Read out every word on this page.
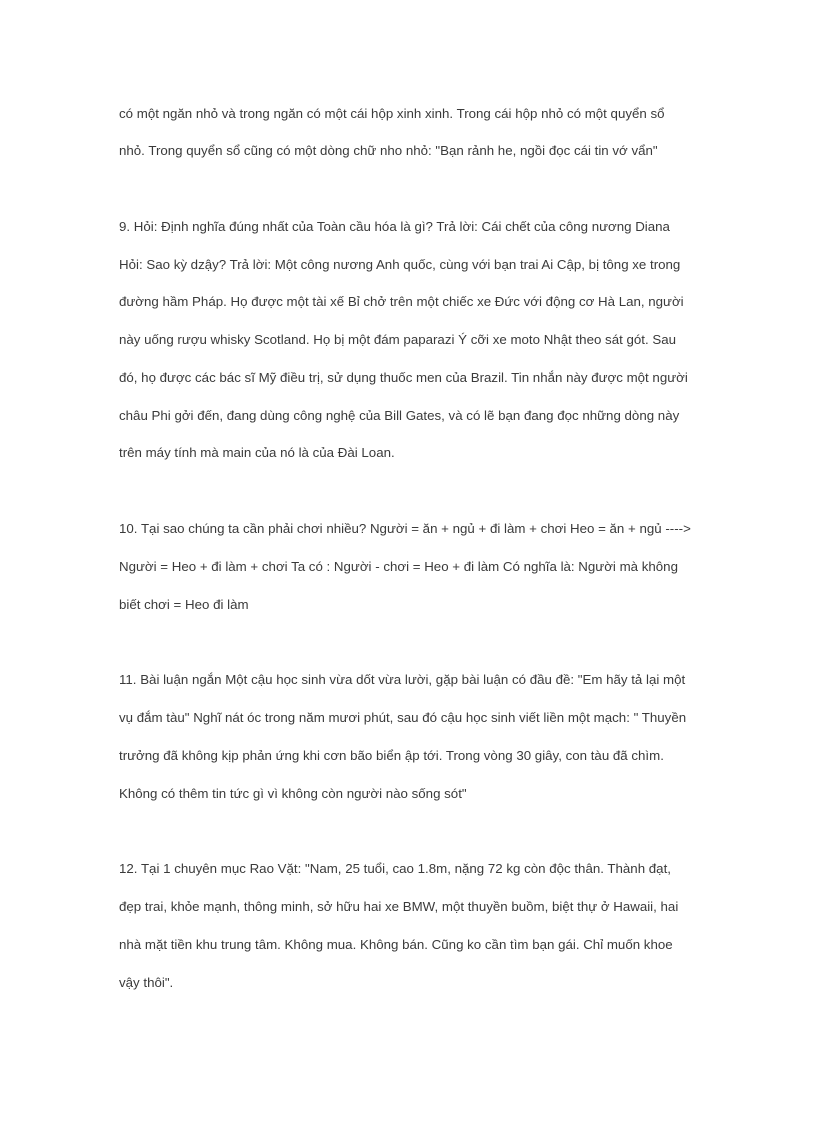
có một ngăn nhỏ và trong ngăn có một cái hộp xinh xinh. Trong cái hộp nhỏ có một quyển sổ
nhỏ. Trong quyển sổ cũng có một dòng chữ nho nhỏ: "Bạn rảnh he, ngồi đọc cái tin vớ vẩn"
9. Hỏi: Định nghĩa đúng nhất của Toàn cầu hóa là gì? Trả lời: Cái chết của công nương Diana
Hỏi: Sao kỳ dzậy? Trả lời: Một công nương Anh quốc, cùng với bạn trai Ai Cập, bị tông xe trong
đường hầm Pháp. Họ được một tài xế Bỉ chở trên một chiếc xe Đức với động cơ Hà Lan, người
này uống rượu whisky Scotland. Họ bị một đám paparazi Ý cỡi xe moto Nhật theo sát gót. Sau
đó, họ được các bác sĩ Mỹ điều trị, sử dụng thuốc men của Brazil. Tin nhắn này được một người
châu Phi gởi đến, đang dùng công nghệ của Bill Gates, và có lẽ bạn đang đọc những dòng này
trên máy tính mà main của nó là của Đài Loan.
10. Tại sao chúng ta cần phải chơi nhiều? Người = ăn + ngủ + đi làm + chơi Heo = ăn + ngủ ---->
Người = Heo + đi làm + chơi Ta có : Người - chơi = Heo + đi làm Có nghĩa là: Người mà không
biết chơi = Heo đi làm
11. Bài luận ngắn Một cậu học sinh vừa dốt vừa lười, gặp bài luận có đầu đề: "Em hãy tả lại một
vụ đắm tàu" Nghĩ nát óc trong năm mươi phút, sau đó cậu học sinh viết liền một mạch: " Thuyền
trưởng đã không kịp phản ứng khi cơn bão biển ập tới. Trong vòng 30 giây, con tàu đã chìm.
Không có thêm tin tức gì vì không còn người nào sống sót"
12. Tại 1 chuyên mục Rao Vặt: "Nam, 25 tuổi, cao 1.8m, nặng 72 kg còn độc thân. Thành đạt,
đẹp trai, khỏe mạnh, thông minh, sở hữu hai xe BMW, một thuyền buồm, biệt thự ở Hawaii, hai
nhà mặt tiền khu trung tâm. Không mua. Không bán. Cũng ko cần tìm bạn gái. Chỉ muốn khoe
vậy thôi".
